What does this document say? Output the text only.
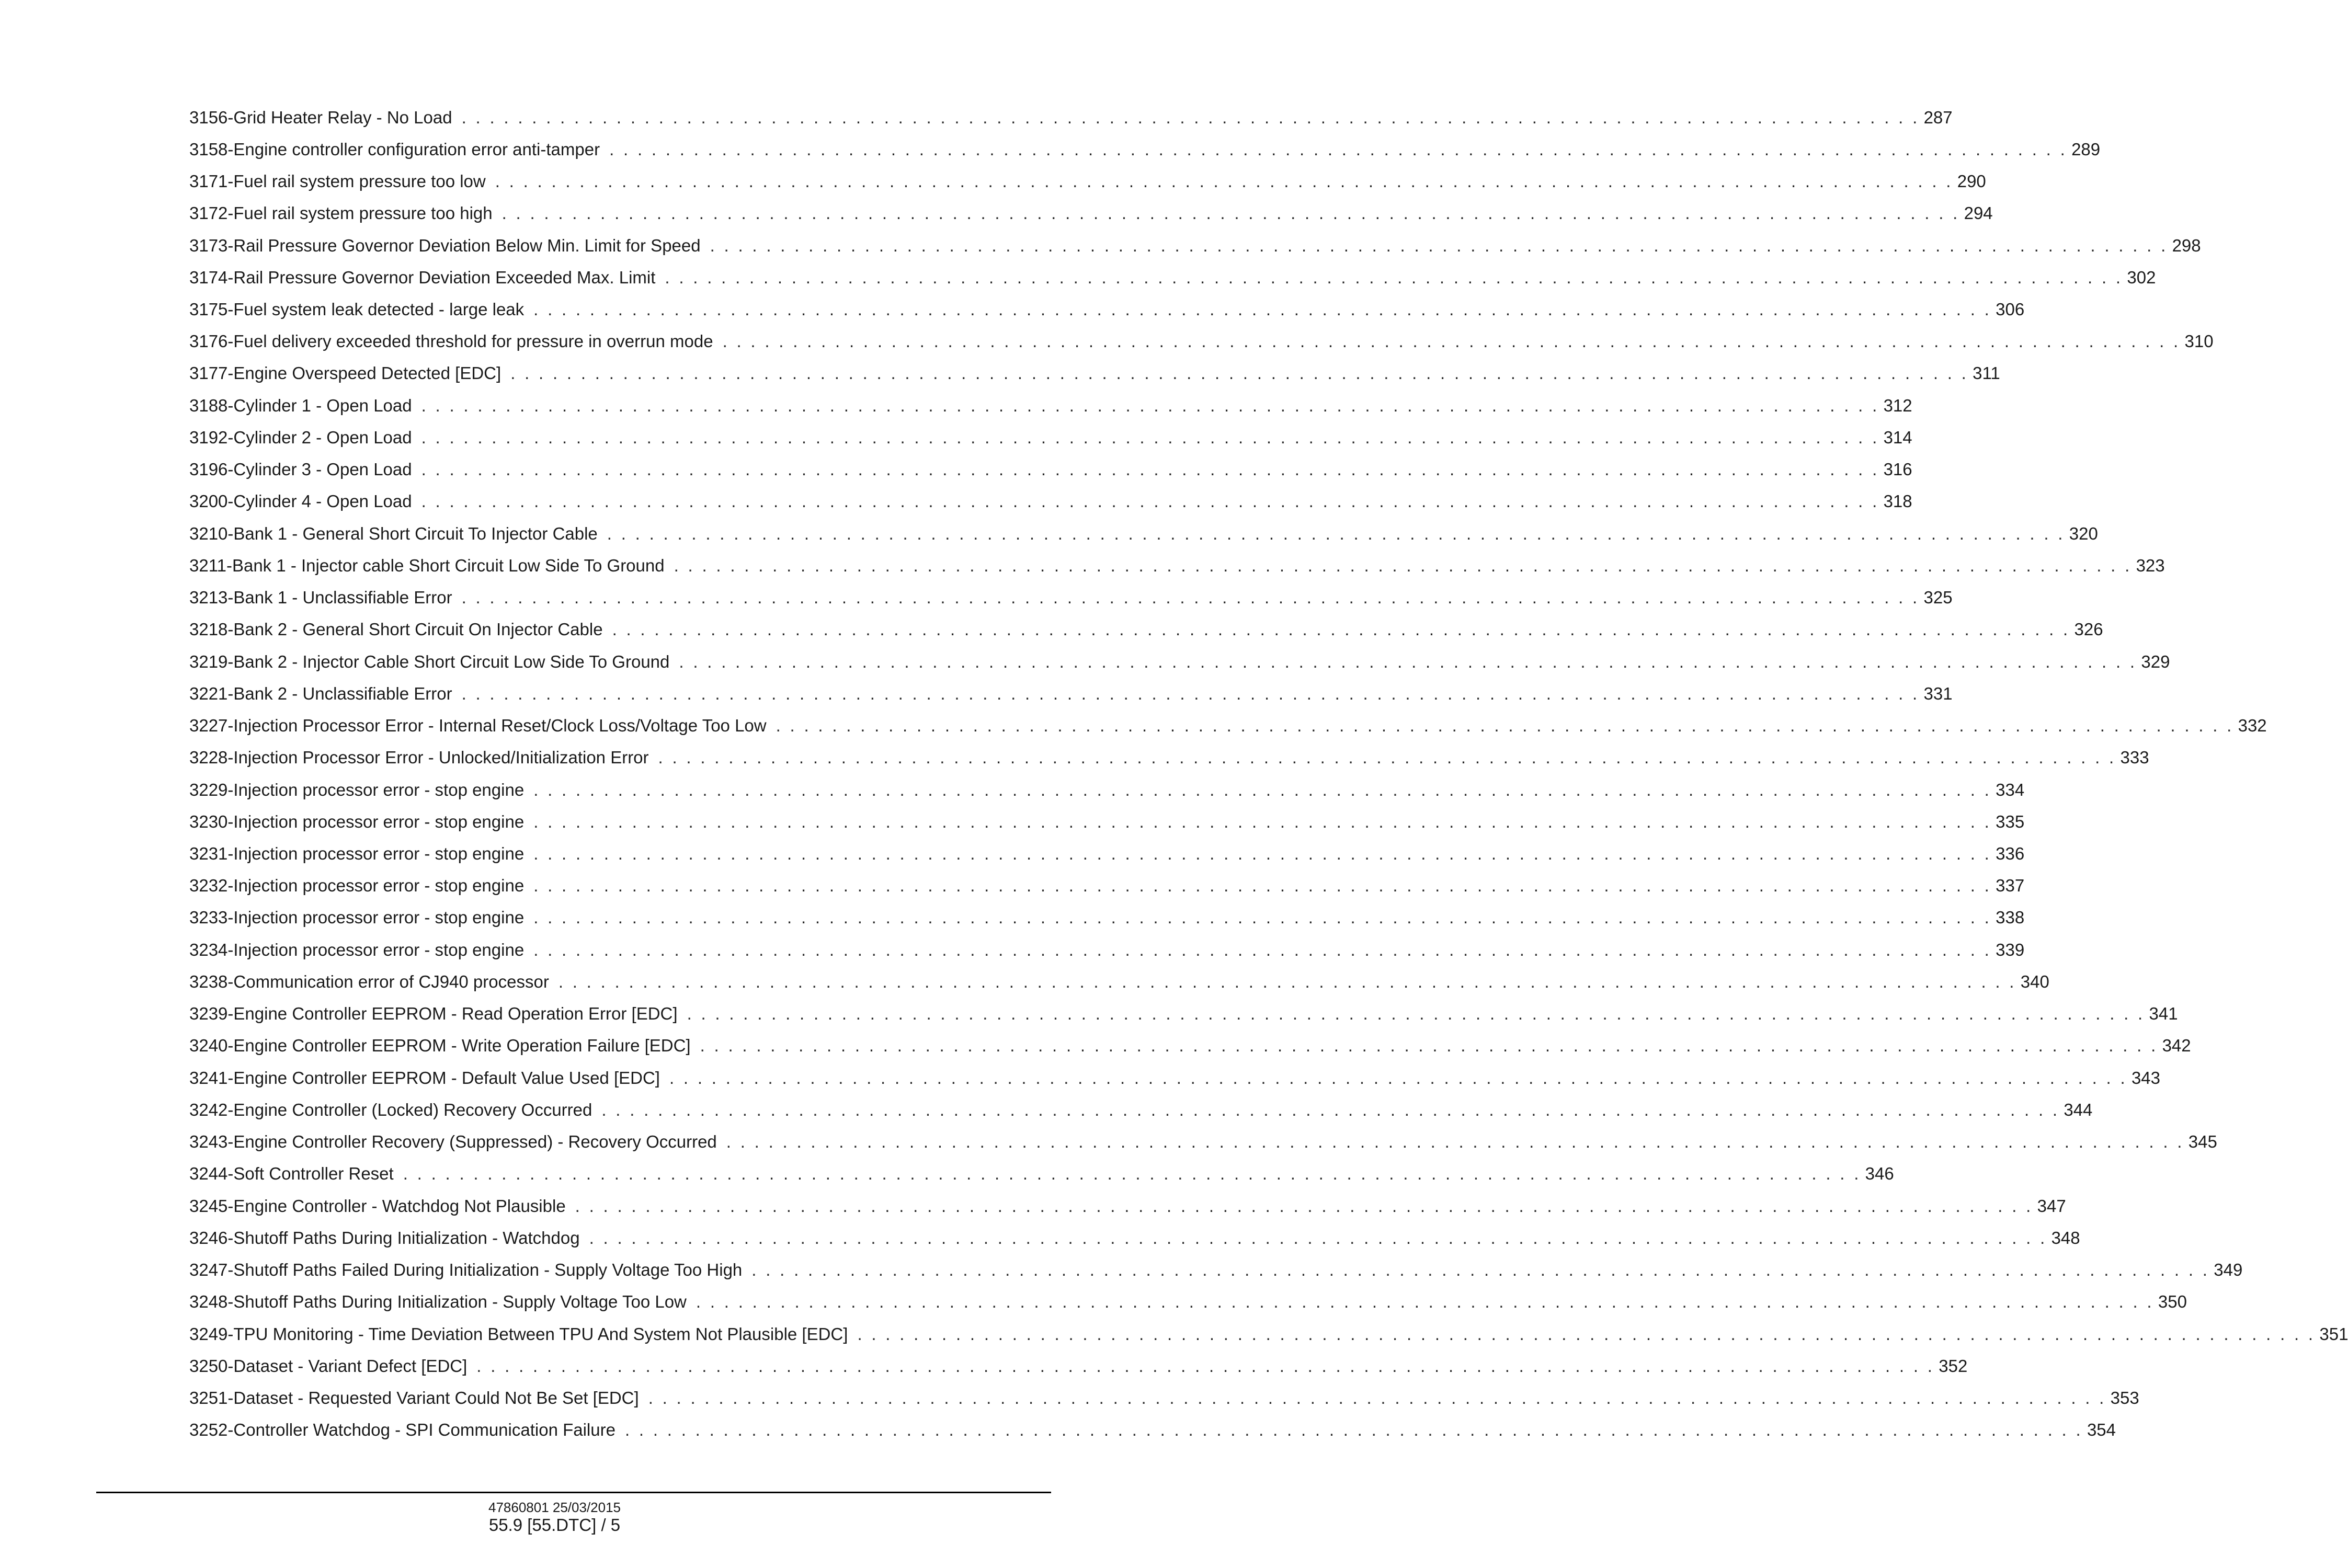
3156-Grid Heater Relay - No Load . . . . . . . . . . . . . . . . . . . . . . . . . . . . . . . . . . . . . . . . . . . . . . . . . . . . . . . . . . . . . . . . . . . . . . . . . . . . . . . . . . . . . . . . . . . . . . . . . . . . . . . . 287
3158-Engine controller configuration error anti-tamper . . . . . . . . . . . . . . . . . . . . . . . . . . . . . . . . . . . . . . . . . . . . . . . . . . . . . . . . . . . . . . . . . . . . . . . . . . . . . . . . . . . . . . . . . . . . . . . . . . . . . . . . 289
3171-Fuel rail system pressure too low . . . . . . . . . . . . . . . . . . . . . . . . . . . . . . . . . . . . . . . . . . . . . . . . . . . . . . . . . . . . . . . . . . . . . . . . . . . . . . . . . . . . . . . . . . . . . . . . . . . . . . . . 290
3172-Fuel rail system pressure too high . . . . . . . . . . . . . . . . . . . . . . . . . . . . . . . . . . . . . . . . . . . . . . . . . . . . . . . . . . . . . . . . . . . . . . . . . . . . . . . . . . . . . . . . . . . . . . . . . . . . . . . . 294
3173-Rail Pressure Governor Deviation Below Min. Limit for Speed . . . . . . . . . . . . . . . . . . . . . . . . . . . . . . . . . . . . . . . . . . . . . . . . . . . . . . . . . . . . . . . . . . . . . . . . . . . . . . . . . . . . . . . . . . . . . . . . . . . . . . . . 298
3174-Rail Pressure Governor Deviation Exceeded Max. Limit . . . . . . . . . . . . . . . . . . . . . . . . . . . . . . . . . . . . . . . . . . . . . . . . . . . . . . . . . . . . . . . . . . . . . . . . . . . . . . . . . . . . . . . . . . . . . . . . . . . . . . . . 302
3175-Fuel system leak detected - large leak . . . . . . . . . . . . . . . . . . . . . . . . . . . . . . . . . . . . . . . . . . . . . . . . . . . . . . . . . . . . . . . . . . . . . . . . . . . . . . . . . . . . . . . . . . . . . . . . . . . . . . . . 306
3176-Fuel delivery exceeded threshold for pressure in overrun mode . . . . . . . . . . . . . . . . . . . . . . . . . . . . . . . . . . . . . . . . . . . . . . . . . . . . . . . . . . . . . . . . . . . . . . . . . . . . . . . . . . . . . . . . . . . . . . . . . . . . . . . . 310
3177-Engine Overspeed Detected [EDC] . . . . . . . . . . . . . . . . . . . . . . . . . . . . . . . . . . . . . . . . . . . . . . . . . . . . . . . . . . . . . . . . . . . . . . . . . . . . . . . . . . . . . . . . . . . . . . . . . . . . . . . . 311
3188-Cylinder 1 - Open Load . . . . . . . . . . . . . . . . . . . . . . . . . . . . . . . . . . . . . . . . . . . . . . . . . . . . . . . . . . . . . . . . . . . . . . . . . . . . . . . . . . . . . . . . . . . . . . . . . . . . . . . . 312
3192-Cylinder 2 - Open Load . . . . . . . . . . . . . . . . . . . . . . . . . . . . . . . . . . . . . . . . . . . . . . . . . . . . . . . . . . . . . . . . . . . . . . . . . . . . . . . . . . . . . . . . . . . . . . . . . . . . . . . . 314
3196-Cylinder 3 - Open Load . . . . . . . . . . . . . . . . . . . . . . . . . . . . . . . . . . . . . . . . . . . . . . . . . . . . . . . . . . . . . . . . . . . . . . . . . . . . . . . . . . . . . . . . . . . . . . . . . . . . . . . . 316
3200-Cylinder 4 - Open Load . . . . . . . . . . . . . . . . . . . . . . . . . . . . . . . . . . . . . . . . . . . . . . . . . . . . . . . . . . . . . . . . . . . . . . . . . . . . . . . . . . . . . . . . . . . . . . . . . . . . . . . . 318
3210-Bank 1 - General Short Circuit To Injector Cable . . . . . . . . . . . . . . . . . . . . . . . . . . . . . . . . . . . . . . . . . . . . . . . . . . . . . . . . . . . . . . . . . . . . . . . . . . . . . . . . . . . . . . . . . . . . . . . . . . . . . . . . 320
3211-Bank 1 - Injector cable Short Circuit Low Side To Ground . . . . . . . . . . . . . . . . . . . . . . . . . . . . . . . . . . . . . . . . . . . . . . . . . . . . . . . . . . . . . . . . . . . . . . . . . . . . . . . . . . . . . . . . . . . . . . . . . . . . . . . . 323
3213-Bank 1 - Unclassifiable Error . . . . . . . . . . . . . . . . . . . . . . . . . . . . . . . . . . . . . . . . . . . . . . . . . . . . . . . . . . . . . . . . . . . . . . . . . . . . . . . . . . . . . . . . . . . . . . . . . . . . . . . . 325
3218-Bank 2 - General Short Circuit On Injector Cable . . . . . . . . . . . . . . . . . . . . . . . . . . . . . . . . . . . . . . . . . . . . . . . . . . . . . . . . . . . . . . . . . . . . . . . . . . . . . . . . . . . . . . . . . . . . . . . . . . . . . . . . 326
3219-Bank 2 - Injector Cable Short Circuit Low Side To Ground . . . . . . . . . . . . . . . . . . . . . . . . . . . . . . . . . . . . . . . . . . . . . . . . . . . . . . . . . . . . . . . . . . . . . . . . . . . . . . . . . . . . . . . . . . . . . . . . . . . . . . . . 329
3221-Bank 2 - Unclassifiable Error . . . . . . . . . . . . . . . . . . . . . . . . . . . . . . . . . . . . . . . . . . . . . . . . . . . . . . . . . . . . . . . . . . . . . . . . . . . . . . . . . . . . . . . . . . . . . . . . . . . . . . . . 331
3227-Injection Processor Error - Internal Reset/Clock Loss/Voltage Too Low . . . . . . . . . . . . . . . . . . . . . . . . . . . . . . . . . . . . . . . . . . . . . . . . . . . . . . . . . . . . . . . . . . . . . . . . . . . . . . . . . . . . . . . . . . . . . . . . . . . . . . . . 332
3228-Injection Processor Error - Unlocked/Initialization Error . . . . . . . . . . . . . . . . . . . . . . . . . . . . . . . . . . . . . . . . . . . . . . . . . . . . . . . . . . . . . . . . . . . . . . . . . . . . . . . . . . . . . . . . . . . . . . . . . . . . . . . . 333
3229-Injection processor error - stop engine . . . . . . . . . . . . . . . . . . . . . . . . . . . . . . . . . . . . . . . . . . . . . . . . . . . . . . . . . . . . . . . . . . . . . . . . . . . . . . . . . . . . . . . . . . . . . . . . . . . . . . . . 334
3230-Injection processor error - stop engine . . . . . . . . . . . . . . . . . . . . . . . . . . . . . . . . . . . . . . . . . . . . . . . . . . . . . . . . . . . . . . . . . . . . . . . . . . . . . . . . . . . . . . . . . . . . . . . . . . . . . . . . 335
3231-Injection processor error - stop engine . . . . . . . . . . . . . . . . . . . . . . . . . . . . . . . . . . . . . . . . . . . . . . . . . . . . . . . . . . . . . . . . . . . . . . . . . . . . . . . . . . . . . . . . . . . . . . . . . . . . . . . . 336
3232-Injection processor error - stop engine . . . . . . . . . . . . . . . . . . . . . . . . . . . . . . . . . . . . . . . . . . . . . . . . . . . . . . . . . . . . . . . . . . . . . . . . . . . . . . . . . . . . . . . . . . . . . . . . . . . . . . . . 337
3233-Injection processor error - stop engine . . . . . . . . . . . . . . . . . . . . . . . . . . . . . . . . . . . . . . . . . . . . . . . . . . . . . . . . . . . . . . . . . . . . . . . . . . . . . . . . . . . . . . . . . . . . . . . . . . . . . . . . 338
3234-Injection processor error - stop engine . . . . . . . . . . . . . . . . . . . . . . . . . . . . . . . . . . . . . . . . . . . . . . . . . . . . . . . . . . . . . . . . . . . . . . . . . . . . . . . . . . . . . . . . . . . . . . . . . . . . . . . . 339
3238-Communication error of CJ940 processor . . . . . . . . . . . . . . . . . . . . . . . . . . . . . . . . . . . . . . . . . . . . . . . . . . . . . . . . . . . . . . . . . . . . . . . . . . . . . . . . . . . . . . . . . . . . . . . . . . . . . . . . 340
3239-Engine Controller EEPROM - Read Operation Error [EDC] . . . . . . . . . . . . . . . . . . . . . . . . . . . . . . . . . . . . . . . . . . . . . . . . . . . . . . . . . . . . . . . . . . . . . . . . . . . . . . . . . . . . . . . . . . . . . . . . . . . . . . . . 341
3240-Engine Controller EEPROM - Write Operation Failure [EDC] . . . . . . . . . . . . . . . . . . . . . . . . . . . . . . . . . . . . . . . . . . . . . . . . . . . . . . . . . . . . . . . . . . . . . . . . . . . . . . . . . . . . . . . . . . . . . . . . . . . . . . . . 342
3241-Engine Controller EEPROM - Default Value Used [EDC] . . . . . . . . . . . . . . . . . . . . . . . . . . . . . . . . . . . . . . . . . . . . . . . . . . . . . . . . . . . . . . . . . . . . . . . . . . . . . . . . . . . . . . . . . . . . . . . . . . . . . . . . 343
3242-Engine Controller (Locked) Recovery Occurred . . . . . . . . . . . . . . . . . . . . . . . . . . . . . . . . . . . . . . . . . . . . . . . . . . . . . . . . . . . . . . . . . . . . . . . . . . . . . . . . . . . . . . . . . . . . . . . . . . . . . . . . 344
3243-Engine Controller Recovery (Suppressed) - Recovery Occurred . . . . . . . . . . . . . . . . . . . . . . . . . . . . . . . . . . . . . . . . . . . . . . . . . . . . . . . . . . . . . . . . . . . . . . . . . . . . . . . . . . . . . . . . . . . . . . . . . . . . . . . . 345
3244-Soft Controller Reset . . . . . . . . . . . . . . . . . . . . . . . . . . . . . . . . . . . . . . . . . . . . . . . . . . . . . . . . . . . . . . . . . . . . . . . . . . . . . . . . . . . . . . . . . . . . . . . . . . . . . . . . 346
3245-Engine Controller - Watchdog Not Plausible . . . . . . . . . . . . . . . . . . . . . . . . . . . . . . . . . . . . . . . . . . . . . . . . . . . . . . . . . . . . . . . . . . . . . . . . . . . . . . . . . . . . . . . . . . . . . . . . . . . . . . . . 347
3246-Shutoff Paths During Initialization - Watchdog . . . . . . . . . . . . . . . . . . . . . . . . . . . . . . . . . . . . . . . . . . . . . . . . . . . . . . . . . . . . . . . . . . . . . . . . . . . . . . . . . . . . . . . . . . . . . . . . . . . . . . . . 348
3247-Shutoff Paths Failed During Initialization - Supply Voltage Too High . . . . . . . . . . . . . . . . . . . . . . . . . . . . . . . . . . . . . . . . . . . . . . . . . . . . . . . . . . . . . . . . . . . . . . . . . . . . . . . . . . . . . . . . . . . . . . . . . . . . . . . . 349
3248-Shutoff Paths During Initialization - Supply Voltage Too Low . . . . . . . . . . . . . . . . . . . . . . . . . . . . . . . . . . . . . . . . . . . . . . . . . . . . . . . . . . . . . . . . . . . . . . . . . . . . . . . . . . . . . . . . . . . . . . . . . . . . . . . . 350
3249-TPU Monitoring - Time Deviation Between TPU And System Not Plausible [EDC] . . . . . . . . . . . . . . . . . . . . . . . . . . . . . . . . . . . . . . . . . . . . . . . . . . . . . . . . . . . . . . . . . . . . . . . . . . . . . . . . . . . . . . . . . . . . . . . . . . . . . . . . 351
3250-Dataset - Variant Defect [EDC] . . . . . . . . . . . . . . . . . . . . . . . . . . . . . . . . . . . . . . . . . . . . . . . . . . . . . . . . . . . . . . . . . . . . . . . . . . . . . . . . . . . . . . . . . . . . . . . . . . . . . . . . 352
3251-Dataset - Requested Variant Could Not Be Set [EDC] . . . . . . . . . . . . . . . . . . . . . . . . . . . . . . . . . . . . . . . . . . . . . . . . . . . . . . . . . . . . . . . . . . . . . . . . . . . . . . . . . . . . . . . . . . . . . . . . . . . . . . . . 353
3252-Controller Watchdog - SPI Communication Failure . . . . . . . . . . . . . . . . . . . . . . . . . . . . . . . . . . . . . . . . . . . . . . . . . . . . . . . . . . . . . . . . . . . . . . . . . . . . . . . . . . . . . . . . . . . . . . . . . . . . . . . . 354
47860801 25/03/2015
55.9 [55.DTC] / 5
